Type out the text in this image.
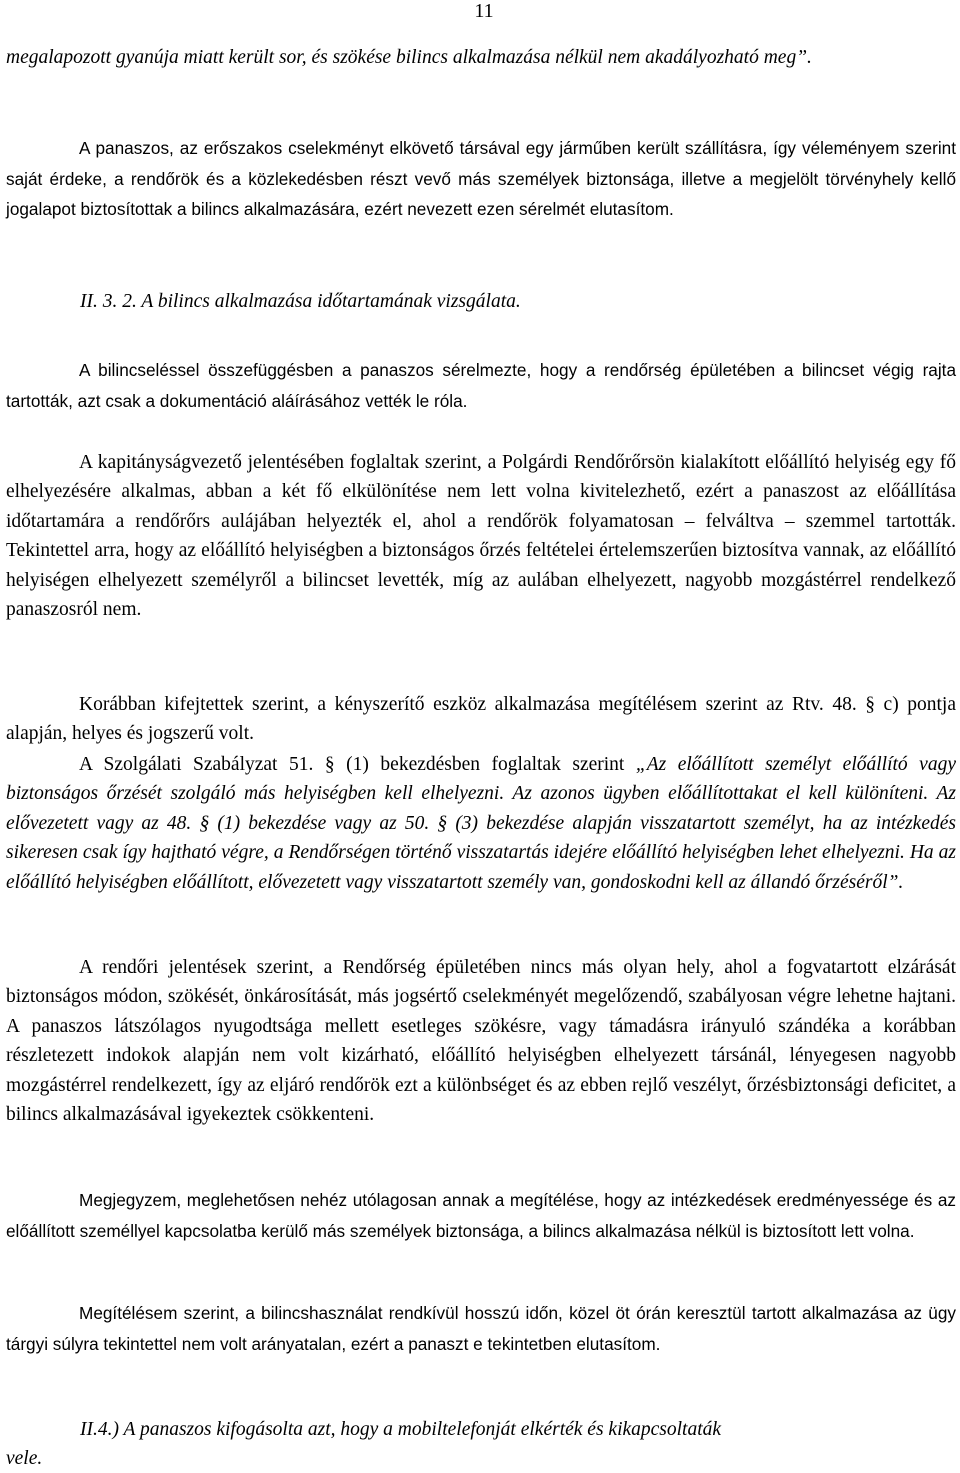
11

megalapozott gyanúja miatt került sor, és szökése bilincs alkalmazása nélkül nem akadályozható meg”.

A panaszos, az erőszakos cselekményt elkövető társával egy járműben került szállításra, így véleményem szerint saját érdeke, a rendőrök és a közlekedésben részt vevő más személyek biztonsága, illetve a megjelölt törvényhely kellő jogalapot biztosítottak a bilincs alkalmazására, ezért nevezett ezen sérelmét elutasítom.

II. 3. 2. A bilincs alkalmazása időtartamának vizsgálata.

A bilincseléssel összefüggésben a panaszos sérelmezte, hogy a rendőrség épületében a bilincset végig rajta tartották, azt csak a dokumentáció aláírásához vették le róla.

A kapitányságvezető jelentésében foglaltak szerint, a Polgárdi Rendőrőrsön kialakított előállító helyiség egy fő elhelyezésére alkalmas, abban a két fő elkülönítése nem lett volna kivitelezhető, ezért a panaszost az előállítása időtartamára a rendőrőrs aulájában helyezték el, ahol a rendőrök folyamatosan – felváltva – szemmel tartották. Tekintettel arra, hogy az előállító helyiségben a biztonságos őrzés feltételei értelemszerűen biztosítva vannak, az előállító helyiségen elhelyezett személyről a bilincset levették, míg az aulában elhelyezett, nagyobb mozgástérrel rendelkező panaszosról nem.

Korábban kifejtettek szerint, a kényszerítő eszköz alkalmazása megítélésem szerint az Rtv. 48. § c) pontja alapján, helyes és jogszerű volt.

A Szolgálati Szabályzat 51. § (1) bekezdésben foglaltak szerint „Az előállított személyt előállító vagy biztonságos őrzését szolgáló más helyiségben kell elhelyezni. Az azonos ügyben előállítottakat el kell különíteni. Az elővezetett vagy az 48. § (1) bekezdése vagy az 50. § (3) bekezdése alapján visszatartott személyt, ha az intézkedés sikeresen csak így hajtható végre, a Rendőrségen történő visszatartás idejére előállító helyiségben lehet elhelyezni. Ha az előállító helyiségben előállított, elővezetett vagy visszatartott személy van, gondoskodni kell az állandó őrzéséről”.

A rendőri jelentések szerint, a Rendőrség épületében nincs más olyan hely, ahol a fogvatartott elzárását biztonságos módon, szökését, önkárosítását, más jogsértő cselekményét megelőzendő, szabályosan végre lehetne hajtani. A panaszos látszólagos nyugodtsága mellett esetleges szökésre, vagy támadásra irányuló szándéka a korábban részletezett indokok alapján nem volt kizárható, előállító helyiségben elhelyezett társánál, lényegesen nagyobb mozgástérrel rendelkezett, így az eljáró rendőrök ezt a különbséget és az ebben rejlő veszélyt, őrzésbiztonsági deficitet, a bilincs alkalmazásával igyekeztek csökkenteni.

Megjegyzem, meglehetősen nehéz utólagosan annak a megítélése, hogy az intézkedések eredményessége és az előállított személlyel kapcsolatba kerülő más személyek biztonsága, a bilincs alkalmazása nélkül is biztosított lett volna.

Megítélésem szerint, a bilincshasználat rendkívül hosszú időn, közel öt órán keresztül tartott alkalmazása az ügy tárgyi súlyra tekintettel nem volt arányatalan, ezért a panaszt e tekintetben elutasítom.

II.4.) A panaszos kifogásolta azt, hogy a mobiltelefonját elkérték és kikapcsoltaták
vele.
